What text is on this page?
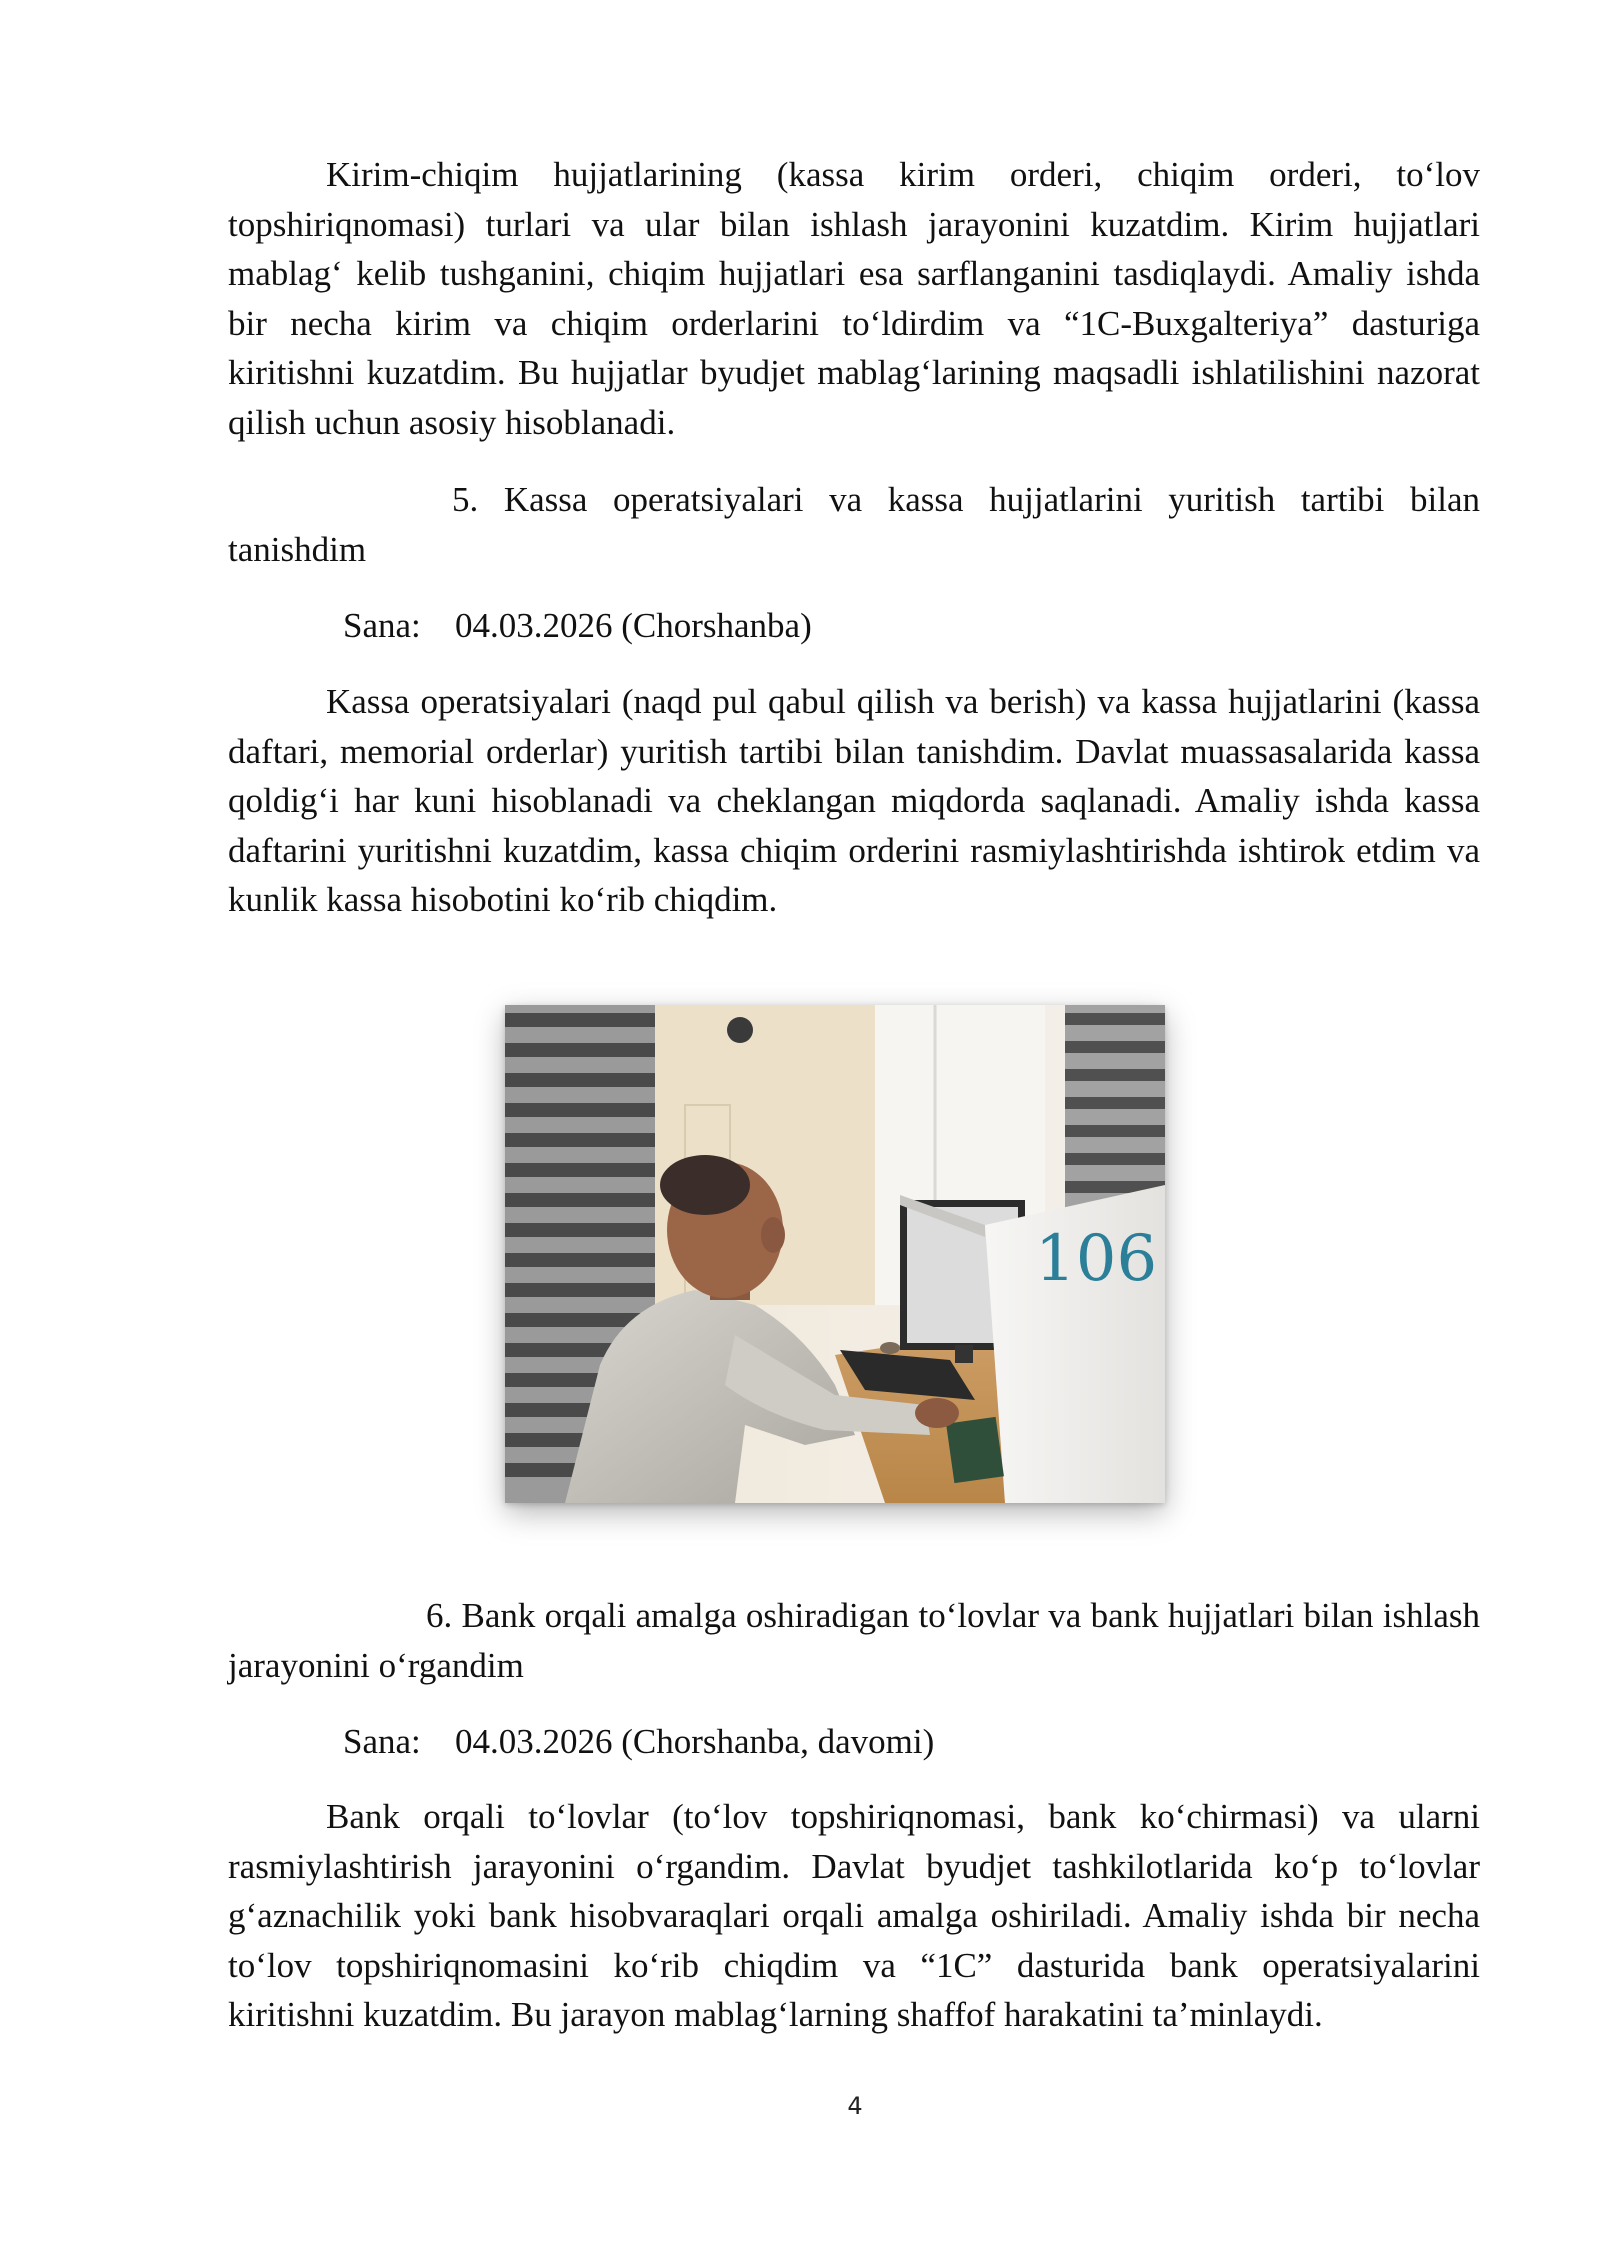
Kirim-chiqim hujjatlarining (kassa kirim orderi, chiqim orderi, to‘lov topshiriqnomasi) turlari va ular bilan ishlash jarayonini kuzatdim. Kirim hujjatlari mablag‘ kelib tushganini, chiqim hujjatlari esa sarflanganini tasdiqlaydi. Amaliy ishda bir necha kirim va chiqim orderlarini to‘ldirdim va “1C-Buxgalteriya” dasturiga kiritishni kuzatdim. Bu hujjatlar byudjet mablag‘larining maqsadli ishlatilishini nazorat qilish uchun asosiy hisoblanadi.

5. Kassa operatsiyalari va kassa hujjatlarini yuritish tartibi bilan tanishdim

Sana: 04.03.2026 (Chorshanba)

Kassa operatsiyalari (naqd pul qabul qilish va berish) va kassa hujjatlarini (kassa daftari, memorial orderlar) yuritish tartibi bilan tanishdim. Davlat muassasalarida kassa qoldig‘i har kuni hisoblanadi va cheklangan miqdorda saqlanadi. Amaliy ishda kassa daftarini yuritishni kuzatdim, kassa chiqim orderini rasmiylashtirishda ishtirok etdim va kunlik kassa hisobotini ko‘rib chiqdim.

106

6. Bank orqali amalga oshiradigan to‘lovlar va bank hujjatlari bilan ishlash jarayonini o‘rgandim

Sana: 04.03.2026 (Chorshanba, davomi)

Bank orqali to‘lovlar (to‘lov topshiriqnomasi, bank ko‘chirmasi) va ularni rasmiylashtirish jarayonini o‘rgandim. Davlat byudjet tashkilotlarida ko‘p to‘lovlar g‘aznachilik yoki bank hisobvaraqlari orqali amalga oshiriladi. Amaliy ishda bir necha to‘lov topshiriqnomasini ko‘rib chiqdim va “1C” dasturida bank operatsiyalarini kiritishni kuzatdim. Bu jarayon mablag‘larning shaffof harakatini ta’minlaydi.

4
